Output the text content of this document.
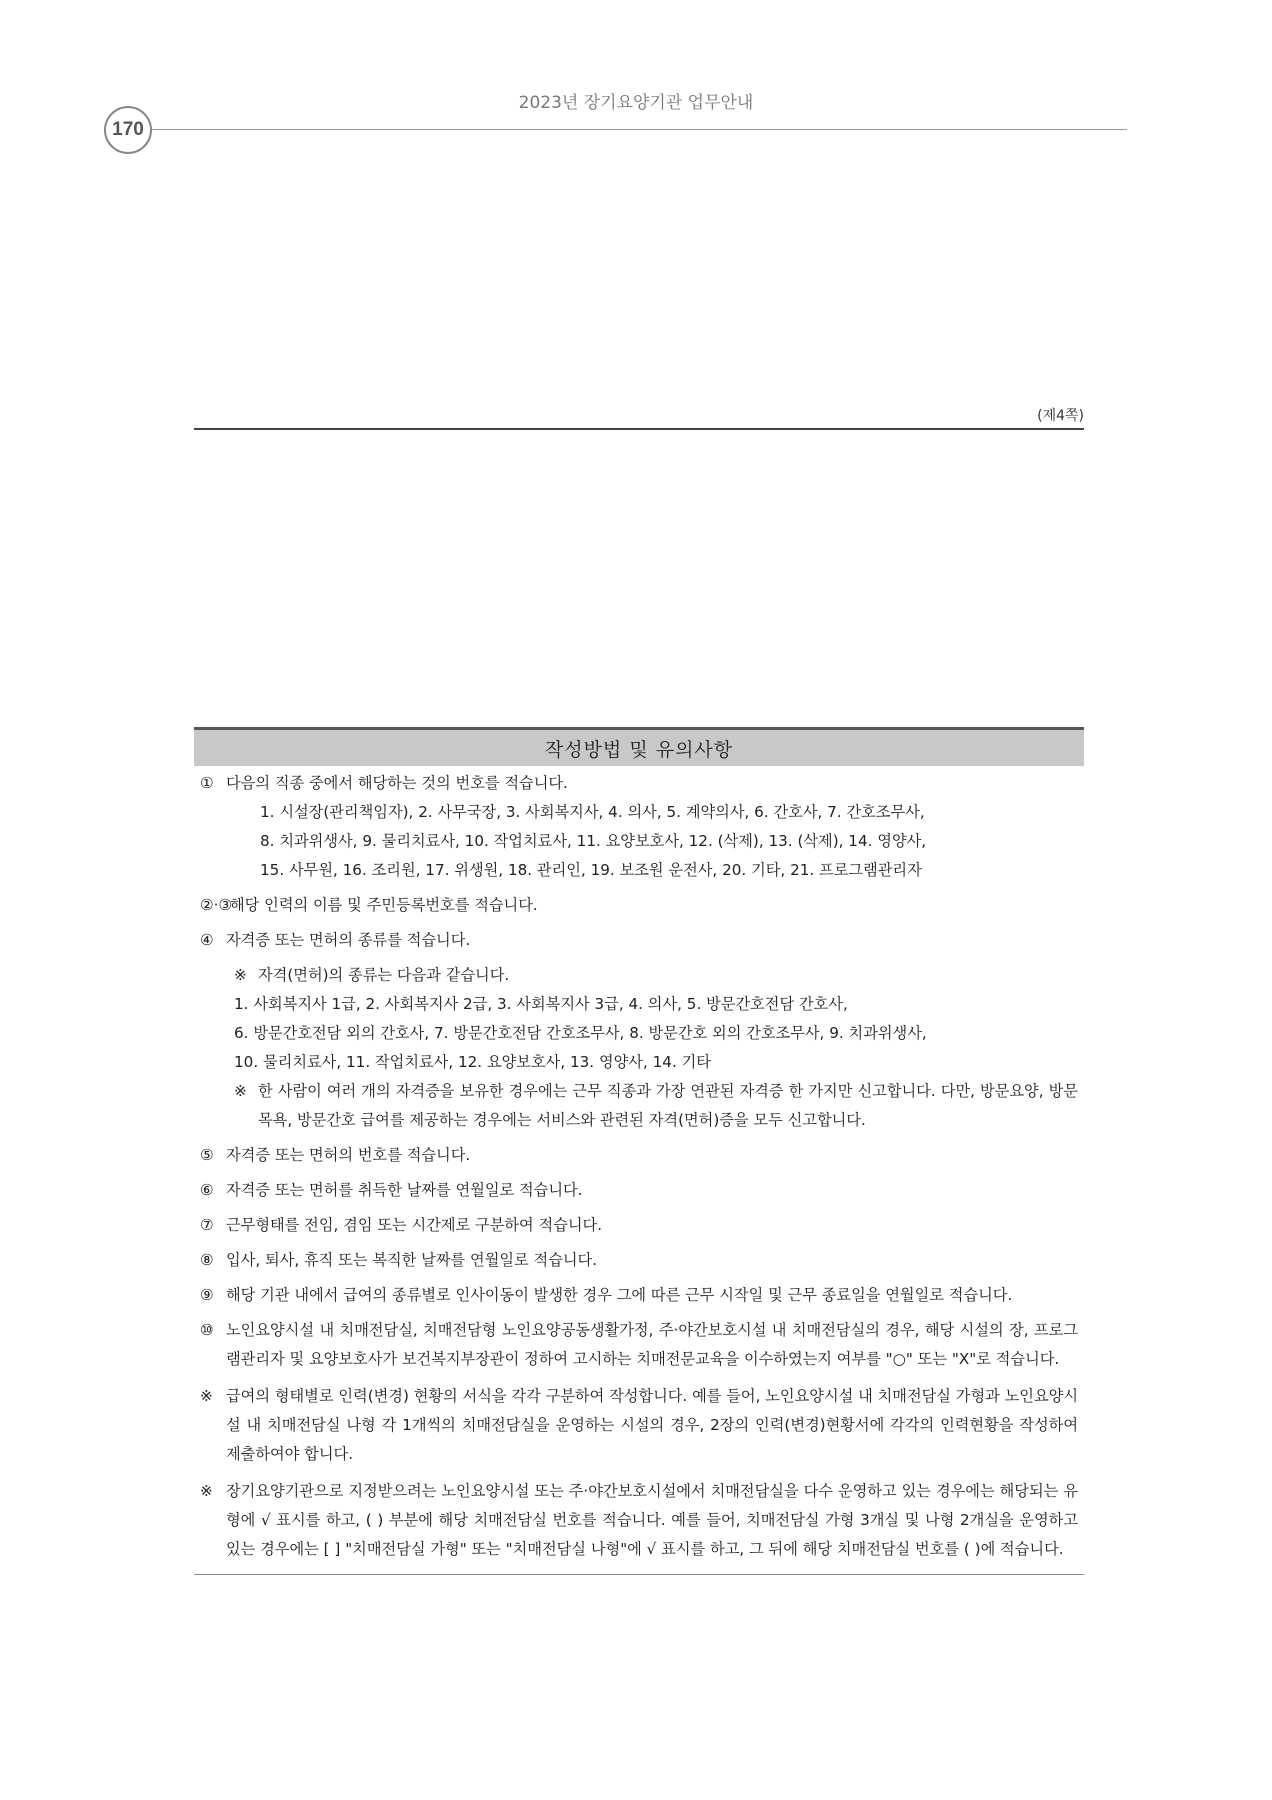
170
2023년 장기요양기관 업무안내
(제4쪽)
작성방법 및 유의사항
① 다음의 직종 중에서 해당하는 것의 번호를 적습니다.
1. 시설장(관리책임자), 2. 사무국장, 3. 사회복지사, 4. 의사, 5. 계약의사, 6. 간호사, 7. 간호조무사,
8. 치과위생사, 9. 물리치료사, 10. 작업치료사, 11. 요양보호사, 12. (삭제), 13. (삭제), 14. 영양사,
15. 사무원, 16. 조리원, 17. 위생원, 18. 관리인, 19. 보조원 운전사, 20. 기타, 21. 프로그램관리자
②·③
해당 인력의 이름 및 주민등록번호를 적습니다.
④ 자격증 또는 면허의 종류를 적습니다.
※ 자격(면허)의 종류는 다음과 같습니다.
1. 사회복지사 1급, 2. 사회복지사 2급, 3. 사회복지사 3급, 4. 의사, 5. 방문간호전담 간호사,
6. 방문간호전담 외의 간호사, 7. 방문간호전담 간호조무사, 8. 방문간호 외의 간호조무사, 9. 치과위생사,
10. 물리치료사, 11. 작업치료사, 12. 요양보호사, 13. 영양사, 14. 기타
※ 한 사람이 여러 개의 자격증을 보유한 경우에는 근무 직종과 가장 연관된 자격증 한 가지만 신고합니다. 다만, 방문요양, 방문목욕, 방문간호 급여를 제공하는 경우에는 서비스와 관련된 자격(면허)증을 모두 신고합니다.
⑤ 자격증 또는 면허의 번호를 적습니다.
⑥ 자격증 또는 면허를 취득한 날짜를 연월일로 적습니다.
⑦ 근무형태를 전임, 겸임 또는 시간제로 구분하여 적습니다.
⑧ 입사, 퇴사, 휴직 또는 복직한 날짜를 연월일로 적습니다.
⑨ 해당 기관 내에서 급여의 종류별로 인사이동이 발생한 경우 그에 따른 근무 시작일 및 근무 종료일을 연월일로 적습니다.
⑩ 노인요양시설 내 치매전담실, 치매전담형 노인요양공동생활가정, 주·야간보호시설 내 치매전담실의 경우, 해당 시설의 장, 프로그램관리자 및 요양보호사가 보건복지부장관이 정하여 고시하는 치매전문교육을 이수하였는지 여부를 "○" 또는 "X"로 적습니다.
※ 급여의 형태별로 인력(변경) 현황의 서식을 각각 구분하여 작성합니다. 예를 들어, 노인요양시설 내 치매전담실 가형과 노인요양시설 내 치매전담실 나형 각 1개씩의 치매전담실을 운영하는 시설의 경우, 2장의 인력(변경)현황서에 각각의 인력현황을 작성하여 제출하여야 합니다.
※ 장기요양기관으로 지정받으려는 노인요양시설 또는 주·야간보호시설에서 치매전담실을 다수 운영하고 있는 경우에는 해당되는 유형에 √ 표시를 하고, ( ) 부분에 해당 치매전담실 번호를 적습니다. 예를 들어, 치매전담실 가형 3개실 및 나형 2개실을 운영하고 있는 경우에는 [ ] "치매전담실 가형" 또는 "치매전담실 나형"에 √ 표시를 하고, 그 뒤에 해당 치매전담실 번호를 ( )에 적습니다.
